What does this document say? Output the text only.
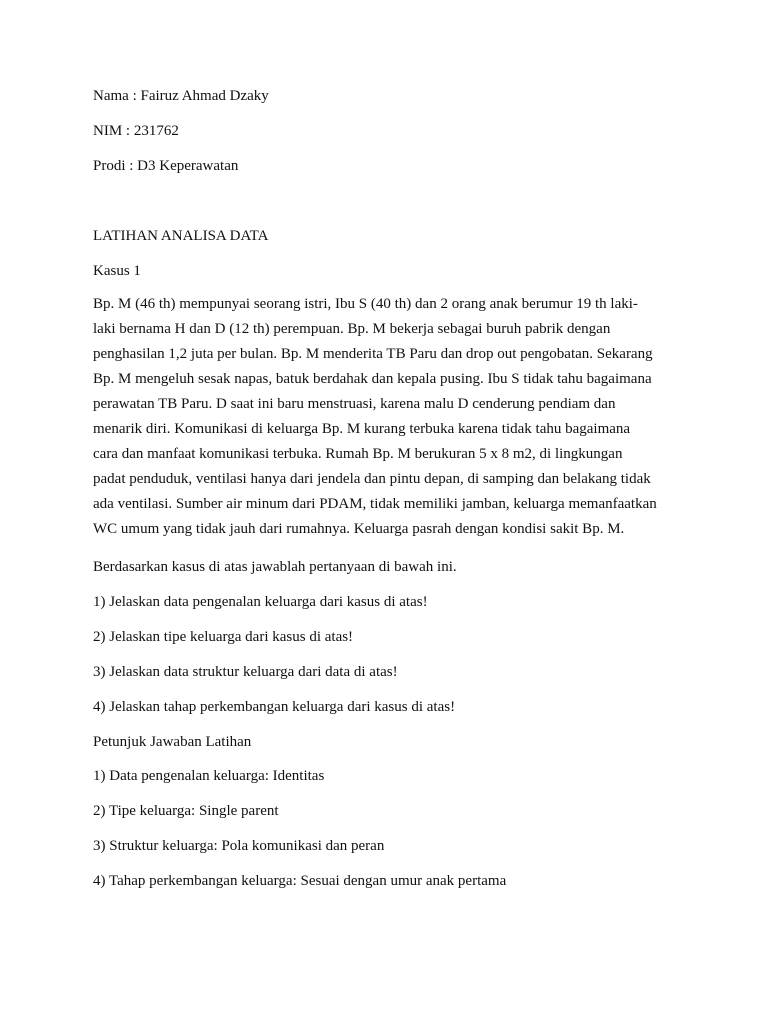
Nama : Fairuz Ahmad Dzaky
NIM : 231762
Prodi : D3 Keperawatan
LATIHAN ANALISA DATA
Kasus 1
Bp. M (46 th) mempunyai seorang istri, Ibu S (40 th) dan 2 orang anak berumur 19 th laki-
laki bernama H dan D (12 th) perempuan. Bp. M bekerja sebagai buruh pabrik dengan
penghasilan 1,2 juta per bulan. Bp. M menderita TB Paru dan drop out pengobatan. Sekarang
Bp. M mengeluh sesak napas, batuk berdahak dan kepala pusing. Ibu S tidak tahu bagaimana
perawatan TB Paru. D saat ini baru menstruasi, karena malu D cenderung pendiam dan
menarik diri. Komunikasi di keluarga Bp. M kurang terbuka karena tidak tahu bagaimana
cara dan manfaat komunikasi terbuka. Rumah Bp. M berukuran 5 x 8 m2, di lingkungan
padat penduduk, ventilasi hanya dari jendela dan pintu depan, di samping dan belakang tidak
ada ventilasi. Sumber air minum dari PDAM, tidak memiliki jamban, keluarga memanfaatkan
WC umum yang tidak jauh dari rumahnya. Keluarga pasrah dengan kondisi sakit Bp. M.
Berdasarkan kasus di atas jawablah pertanyaan di bawah ini.
1) Jelaskan data pengenalan keluarga dari kasus di atas!
2) Jelaskan tipe keluarga dari kasus di atas!
3) Jelaskan data struktur keluarga dari data di atas!
4) Jelaskan tahap perkembangan keluarga dari kasus di atas!
Petunjuk Jawaban Latihan
1) Data pengenalan keluarga: Identitas
2) Tipe keluarga: Single parent
3) Struktur keluarga: Pola komunikasi dan peran
4) Tahap perkembangan keluarga: Sesuai dengan umur anak pertama
